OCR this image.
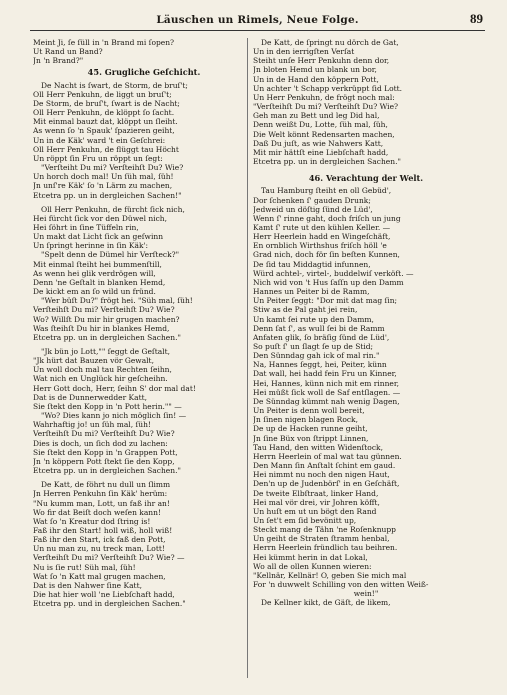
Läuschen un Rimels, Neue Folge.	89
Meint Ji, ſe ſüll in 'n Brand mi ſopen?
Ut Rand un Band?
Jn 'n Brand?"
45. Grugliche Geſchicht.
De Nacht is ſwart, de Storm, de bruſ't;
Oll Herr Penkuhn, de liggt un bruſ't;
De Storm, de bruſ't, ſwart is de Nacht;
Oll Herr Penkuhn, de klöppt ſo ſacht.
Mit einmal bauzt dat, klöppt un ſleiht.
As wenn ſo 'n Spauk' ſpazieren geiht,
Un in de Käk' ward 't ein Geſchrei:
Oll Herr Penkuhn, de flüggt tau Höcht
Un röppt ſin Fru un röppt un ſegt:
"Verſteiht Du mi? Verſteihſt Du? Wie?
Un horch doch mal! Un ſüh mal, ſüh!
Jn unſ're Käk' ſo 'n Lärm zu machen,
Etcetra pp. un in dergleichen Sachen!"
Oll Herr Penkuhn, de fürcht ſick nich,
Hei fürcht ſick vor den Düwel nich,
Hei ſöhrt in ſine Tüffeln rin,
Un makt dat Licht ſick an geſwinn
Un ſpringt herinne in ſin Käk':
"Spelt denn de Dümel hir Verſteck?"
Mit einmal ſteiht hei bummenſtill,
As wenn hei glik verdrögen will,
Denn 'ne Geſtalt in blanken Hemd,
De kickt em an ſo wild un fründ.
"Wer büſt Du?" frögt hei. "Süh mal, ſüh!
Verſteihſt Du mi? Verſteihſt Du? Wie?
Wo? Willſt Du mir hir grugen machen?
Was ſteihſt Du hir in blankes Hemd,
Etcetra pp. un in dergleichen Sachen."
"Jk bün jo Lott,"" ſeggt de Geſtalt,
"Jk hürt dat Bauzen vör Gewalt,
Un woll doch mal tau Rechten ſeihn,
Wat nich en Unglück hir geſcheihn.
Herr Gott doch, Herr, ſeihn S' dor mal dat!
Dat is de Dunnerwedder Katt,
Sie ſtekt den Kopp in 'n Pott herin."" —
"Wo? Dies kann jo nich möglich ſin! —
Wahrhaftig jo! un ſüh mal, ſüh!
Verſteihſt Du mi? Verſteihſt Du? Wie?
Dies is doch, un ſich dod zu lachen:
Sie ſtekt den Kopp in 'n Grappen Pott,
Jn 'n köppern Pott ſtekt ſie den Kopp,
Etcetra pp. un in dergleichen Sachen."
De Katt, de föhrt nu dull un ſlimm
Jn Herren Penkuhn ſin Käk' herüm:
"Nu kumm man, Lott, un faß ihr an!
Wo fir dat Beiſt doch weſen kann!
Wat ſo 'n Kreatur dod ſtring is!
Faß ihr den Start! holl wiß, holl wiß!
Faß ihr den Start, ick faß den Pott,
Un nu man zu, nu treck man, Lott!
Verſteihſt Du mi? Verſteihſt Du? Wie? —
Nu is ſie rut! Süh mal, ſüh!
Wat ſo 'n Katt mal grugen machen,
Dat is den Nahwer ſine Katt,
Die hat hier woll 'ne Liebſchaft hadd,
Etcetra pp. und in dergleichen Sachen."
De Katt, de ſpringt nu dörch de Gat,
Un in den ierrigſten Verſat
Steiht unſe Herr Penkuhn denn dor,
Jn bloten Hemd un blank un bor,
Un in de Hand den köppern Pott,
Un achter 't Schapp verkrüppt ſid Lott.
Un Herr Penkuhn, de frögt noch mal:
"Verſteihſt Du mi? Verſteihſt Du? Wie?
Geh man zu Bett und leg Did hal,
Denn weißt Du, Lotte, ſüh mal, ſüh,
Die Welt könnt Redensarten machen,
Daß Du juſt, as wie Nahwers Katt,
Mit mir hättſt eine Liebſchaft hadd,
Etcetra pp. un in dergleichen Sachen."
46. Verachtung der Welt.
Tau Hamburg ſteiht en oll Gebüd',
Dor ſchenken ſ' gauden Drunk;
Jedweid un döſtig ſünd de Lüd',
Wenn ſ' rinne gaht, doch friſch un jung
Kamt ſ' rute ut den kühlen Keller. —
Herr Heerlein hadd en Wingeſchäft,
En ornblich Wirthshus friſch höll 'e
Grad nich, doch för ſin beſten Kunnen,
De ſid tau Middagtid infunnen,
Würd achtel-, virtel-, buddelwiſ verköft. —
Nich wid von 't Hus ſaſſn up den Damm
Hannes un Peiter bi de Ramm,
Un Peiter ſeggt: "Dor mit dat mag ſin;
Stiw as de Pal gaht jei rein,
Un kamt ſei rute up den Damm,
Denn ſat ſ', as wull ſei bi de Ramm
Anfaten glik, ſo bräſig ſünd de Lüd',
So puſt ſ' un ſlagt ſe up de Stid;
Den Sünndag gah ick of mal rin."
Na, Hannes ſeggt, hei, Peiter, künn
Dat wall, hei hadd fein Fru un Kinner,
Hei, Hannes, künn nich mit em rinner,
Hei müßt ſick woll de Saf entſlagen. —
De Sünndag kümmt nah wenig Dagen,
Un Peiter is denn woll bereit,
Jn ſinen nigen blagen Rock,
De up de Hacken runne geiht,
Jn ſine Büx von ſtrippt Linnen,
Tau Hand, den witten Widenſtock,
Herrn Heerlein of mal wat tau günnen.
Den Mann ſin Anſtalt ſchint em gaud.
Hei nimmt nu noch den nigen Haut,
Den'n up de Judenbörſ' in en Geſchäft,
De tweite Elbſtraat, linker Hand,
Hei mal vör drei, vir Johren köfft,
Un huſt em ut un bögt den Rand
Un ſet't em ſid bevönitt up,
Steckt mang de Tähn 'ne Roſenknupp
Un geiht de Straten ſtramm henbal,
Herrn Heerlein fründlich tau beihren.
Hei kümmt herin in dat Lokal,
Wo all de ollen Kunnen wieren:
"Kellnär, Kellnär! O, geben Sie mich mal
For 'n duwwelt Schilling von den witten Weiß-
wein!"
De Kellner kikt, de Gäſt, de likem,
